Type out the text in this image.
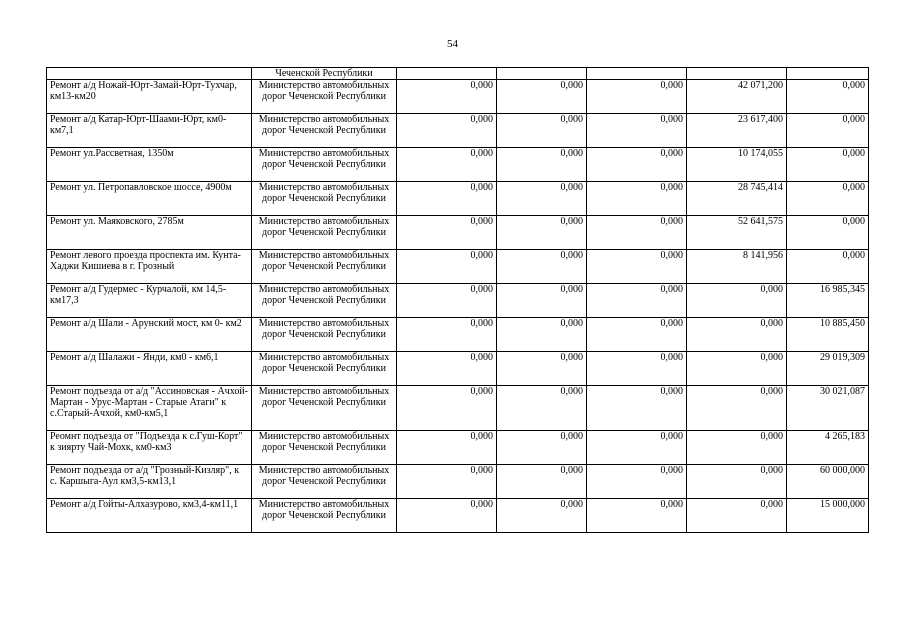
54
	Чеченской Республики					
Ремонт а/д Ножай-Юрт-Замай-Юрт-Тухчар, км13-км20	Министерство автомобильных дорог Чеченской Республики	0,000	0,000	0,000	42 071,200	0,000
Ремонт а/д Катар-Юрт-Шаами-Юрт, км0-км7,1	Министерство автомобильных дорог Чеченской Республики	0,000	0,000	0,000	23 617,400	0,000
Ремонт ул.Рассветная, 1350м	Министерство автомобильных дорог Чеченской Республики	0,000	0,000	0,000	10 174,055	0,000
Ремонт ул. Петропавловское шоссе, 4900м	Министерство автомобильных дорог Чеченской Республики	0,000	0,000	0,000	28 745,414	0,000
Ремонт ул. Маяковского, 2785м	Министерство автомобильных дорог Чеченской Республики	0,000	0,000	0,000	52 641,575	0,000
Ремонт левого проезда проспекта им. Кунта-Хаджи Кишиева в г. Грозный	Министерство автомобильных дорог Чеченской Республики	0,000	0,000	0,000	8 141,956	0,000
Ремонт а/д Гудермес - Курчалой, км 14,5-км17,3	Министерство автомобильных дорог Чеченской Республики	0,000	0,000	0,000	0,000	16 985,345
Ремонт а/д Шали - Арунский мост, км 0- км2	Министерство автомобильных дорог Чеченской Республики	0,000	0,000	0,000	0,000	10 885,450
Ремонт а/д Шалажи - Янди, км0 - км6,1	Министерство автомобильных дорог Чеченской Республики	0,000	0,000	0,000	0,000	29 019,309
Ремонт подъезда от а/д "Ассиновская - Ачхой-Мартан - Урус-Мартан - Старые Атаги" к с.Старый-Ачхой, км0-км5,1	Министерство автомобильных дорог Чеченской Республики	0,000	0,000	0,000	0,000	30 021,087
Реомнт подъезда от "Подъезда к с.Гуш-Корт" к зиярту Чай-Мохк, км0-км3	Министерство автомобильных дорог Чеченской Республики	0,000	0,000	0,000	0,000	4 265,183
Ремонт подъезда от а/д "Грозный-Кизляр", к с. Каршыга-Аул км3,5-км13,1	Министерство автомобильных дорог Чеченской Республики	0,000	0,000	0,000	0,000	60 000,000
Ремонт а/д Гойты-Алхазурово, км3,4-км11,1	Министерство автомобильных дорог Чеченской Республики	0,000	0,000	0,000	0,000	15 000,000
